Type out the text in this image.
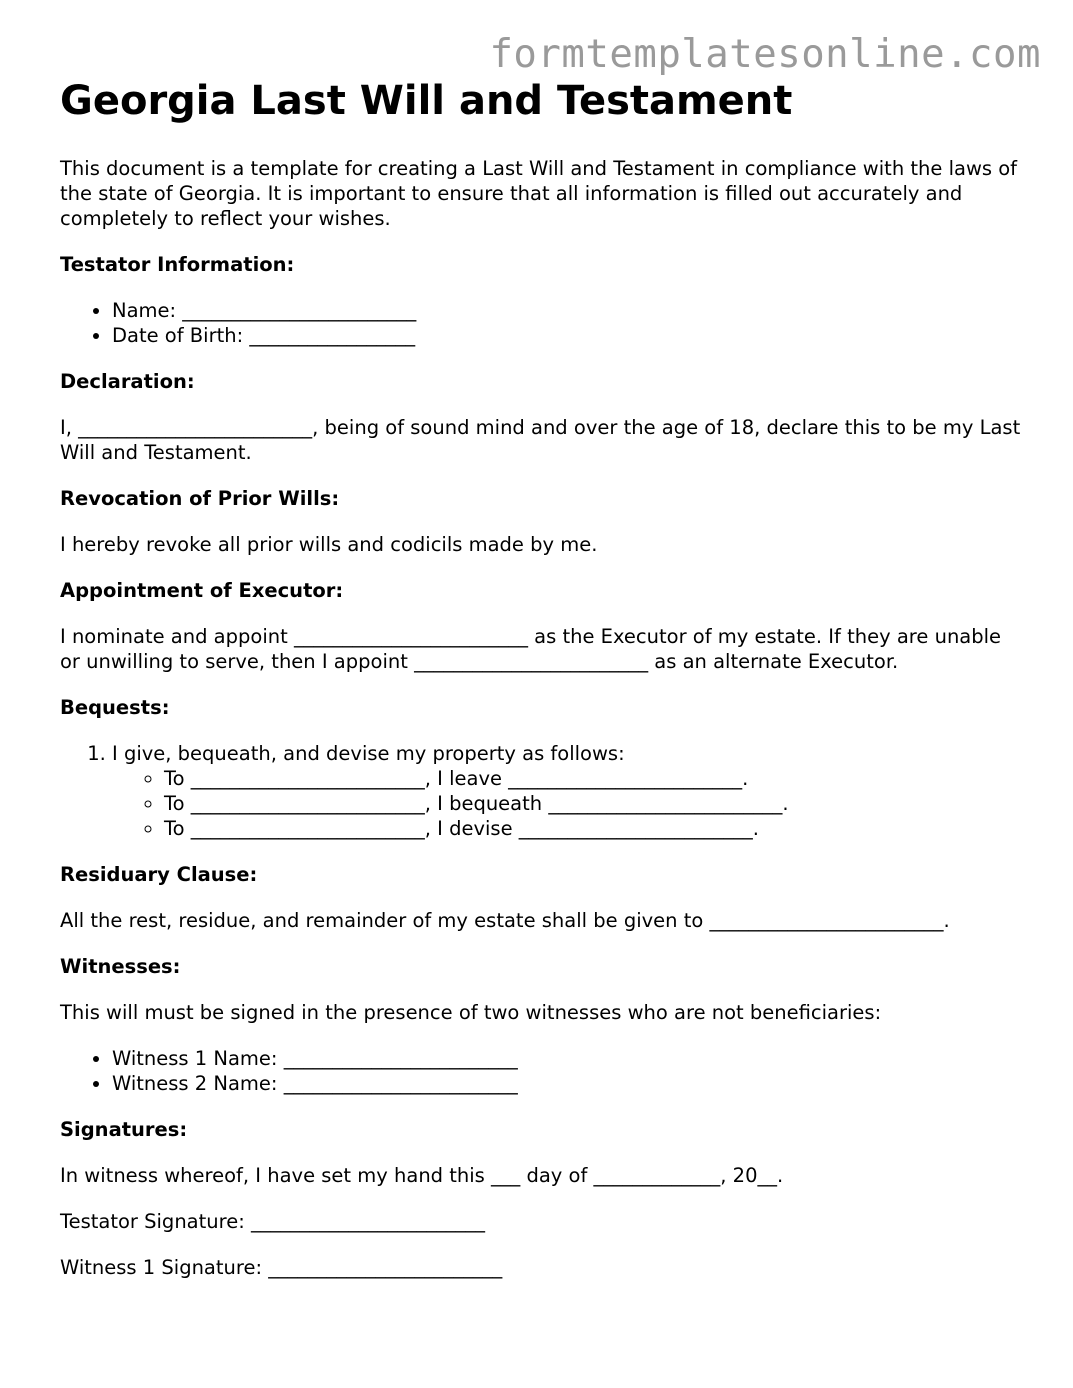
formtemplatesonline.com
Georgia Last Will and Testament

This document is a template for creating a Last Will and Testament in compliance with the laws of the state of Georgia. It is important to ensure that all information is filled out accurately and completely to reflect your wishes.

Testator Information:

• Name: ________________________
• Date of Birth: _________________

Declaration:

I, ________________________, being of sound mind and over the age of 18, declare this to be my Last Will and Testament.

Revocation of Prior Wills:

I hereby revoke all prior wills and codicils made by me.

Appointment of Executor:

I nominate and appoint ________________________ as the Executor of my estate. If they are unable or unwilling to serve, then I appoint ________________________ as an alternate Executor.

Bequests:

1. I give, bequeath, and devise my property as follows:
◦ To ________________________, I leave ________________________.
◦ To ________________________, I bequeath ________________________.
◦ To ________________________, I devise ________________________.

Residuary Clause:

All the rest, residue, and remainder of my estate shall be given to ________________________.

Witnesses:

This will must be signed in the presence of two witnesses who are not beneficiaries:

• Witness 1 Name: ________________________
• Witness 2 Name: ________________________

Signatures:

In witness whereof, I have set my hand this ___ day of _____________, 20__.

Testator Signature: ________________________

Witness 1 Signature: ________________________
